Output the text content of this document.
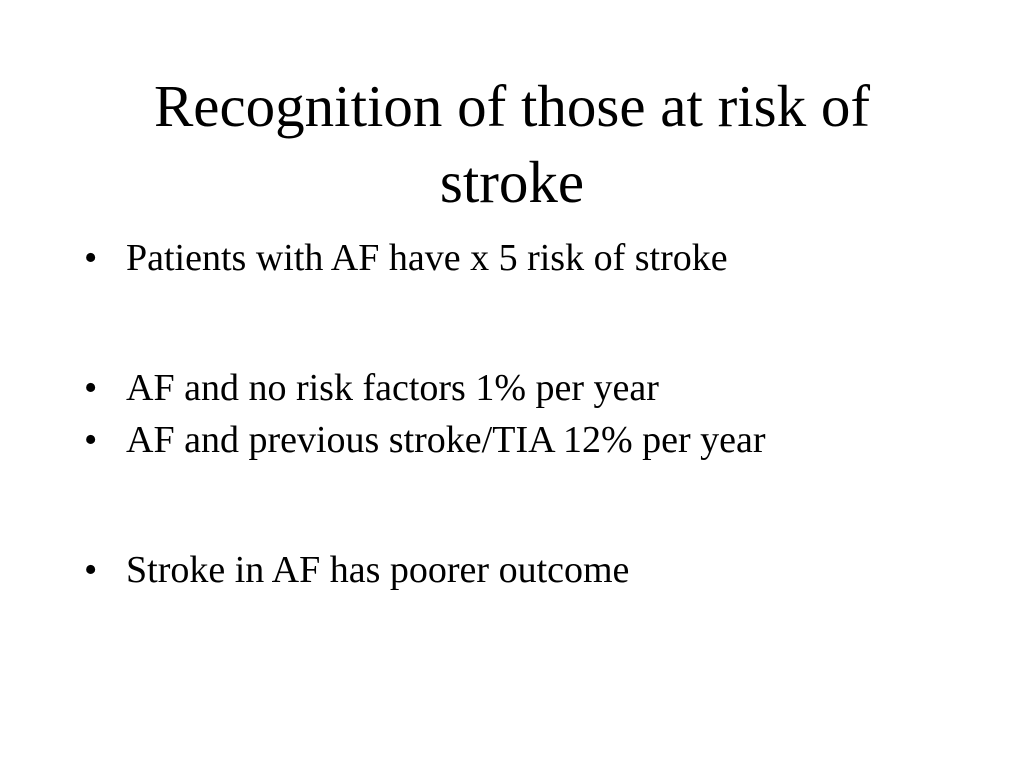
Recognition of those at risk of stroke
• Patients with AF have x 5 risk of stroke
• AF and no risk factors 1% per year
• AF and previous stroke/TIA 12% per year
• Stroke in AF has poorer outcome
